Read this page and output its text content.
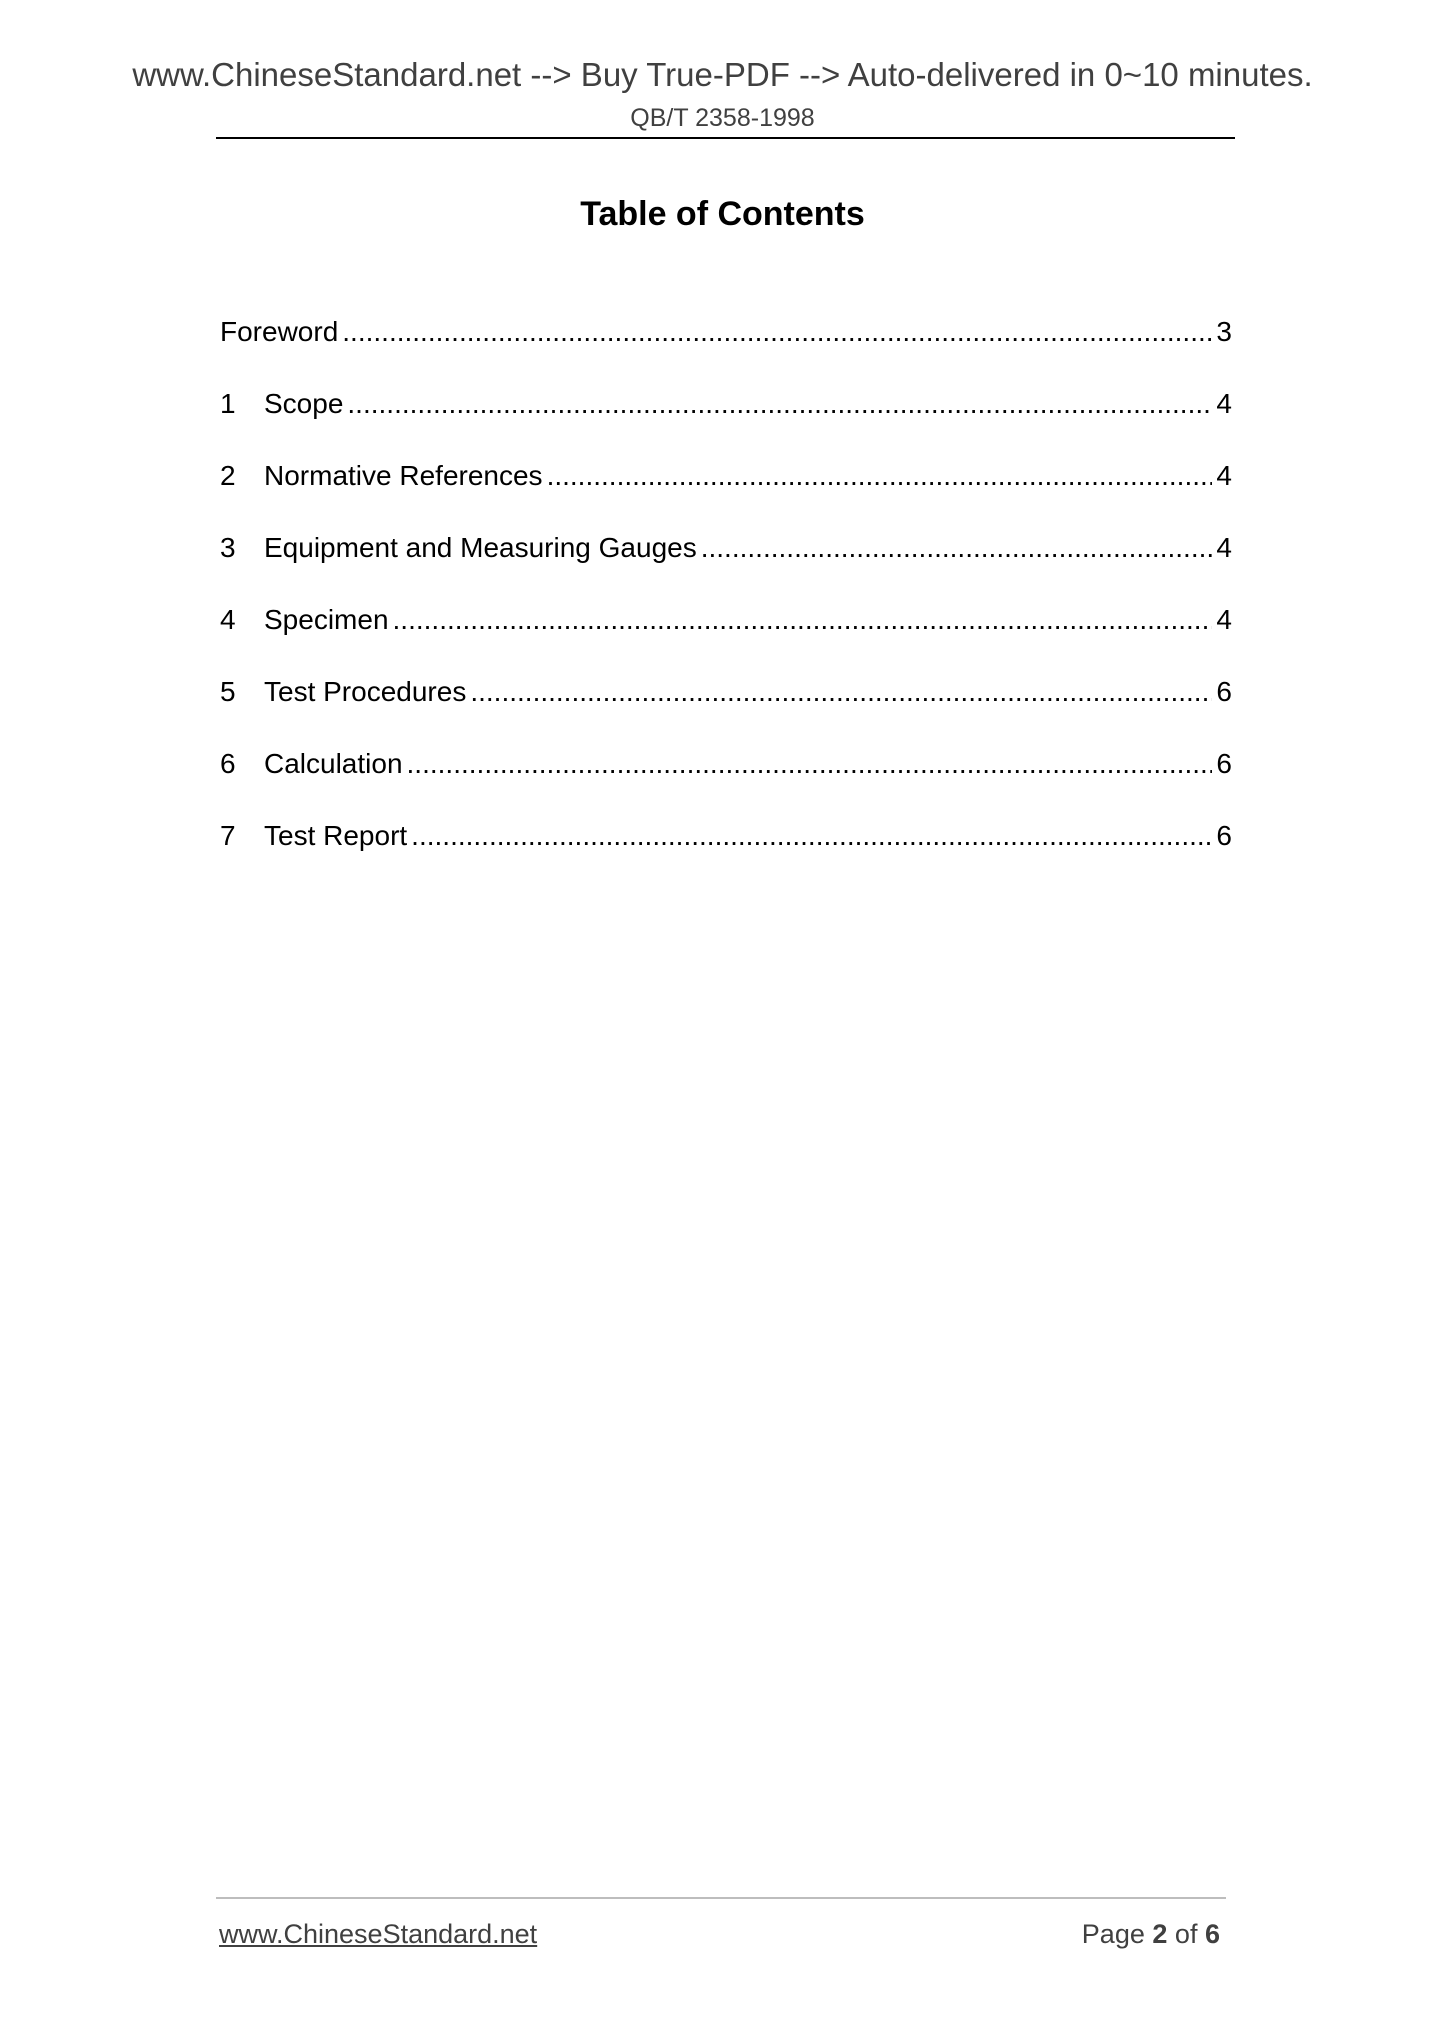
www.ChineseStandard.net --> Buy True-PDF --> Auto-delivered in 0~10 minutes.
QB/T 2358-1998
Table of Contents
Foreword .....	3
1	Scope .....	4
2	Normative References .....	4
3	Equipment and Measuring Gauges .....	4
4	Specimen .....	4
5	Test Procedures .....	6
6	Calculation .....	6
7	Test Report .....	6
www.ChineseStandard.net	Page 2 of 6
